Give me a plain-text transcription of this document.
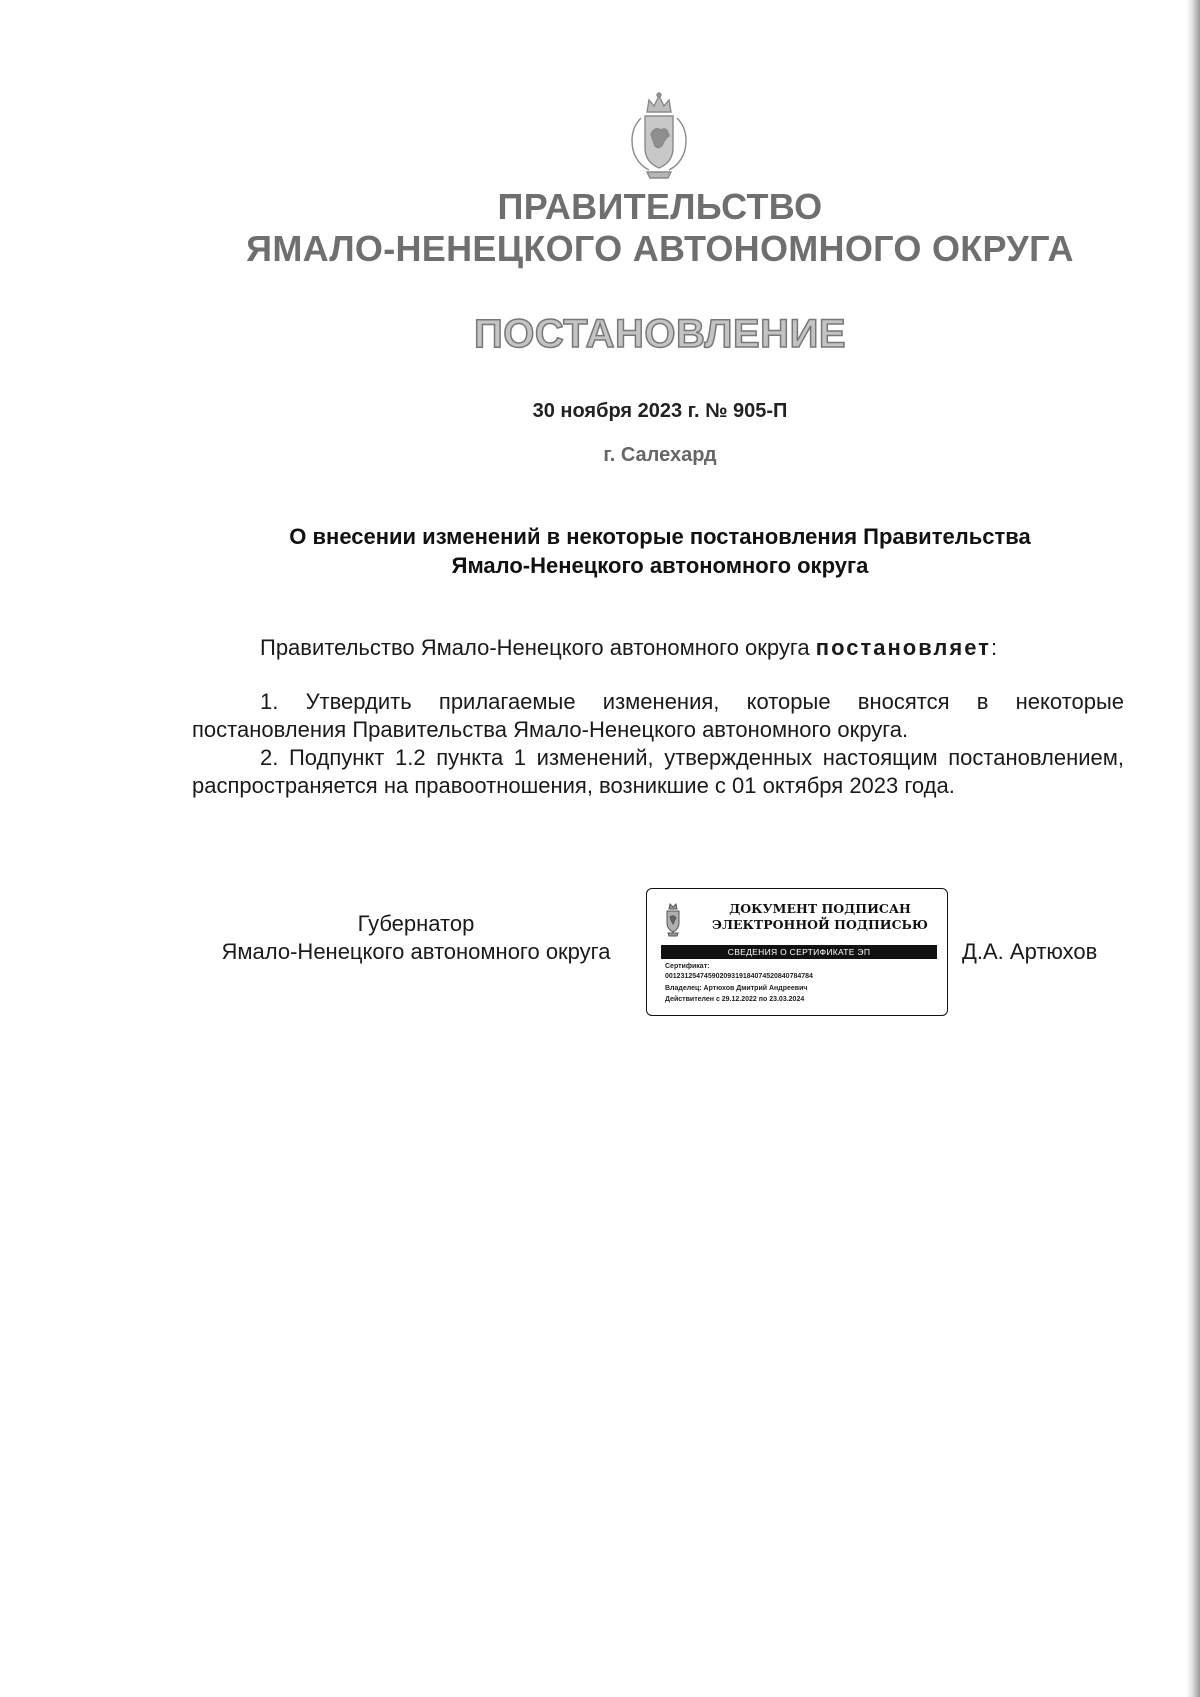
ПРАВИТЕЛЬСТВО
ЯМАЛО-НЕНЕЦКОГО АВТОНОМНОГО ОКРУГА
ПОСТАНОВЛЕНИЕ
30 ноября 2023 г. № 905-П
г. Салехард
О внесении изменений в некоторые постановления Правительства
Ямало-Ненецкого автономного округа
Правительство Ямало-Ненецкого автономного округа постановляет:
1. Утвердить прилагаемые изменения, которые вносятся в некоторые постановления Правительства Ямало-Ненецкого автономного округа.
2. Подпункт 1.2 пункта 1 изменений, утвержденных настоящим постановлением, распространяется на правоотношения, возникшие с 01 октября 2023 года.
Губернатор
Ямало-Ненецкого автономного округа
ДОКУМЕНТ ПОДПИСАН
ЭЛЕКТРОННОЙ ПОДПИСЬЮ
СВЕДЕНИЯ О СЕРТИФИКАТЕ ЭП
Сертификат:
00123125474590209319184074520840784784
Владелец: Артюхов Дмитрий Андреевич
Действителен с 29.12.2022 по 23.03.2024
Д.А. Артюхов
